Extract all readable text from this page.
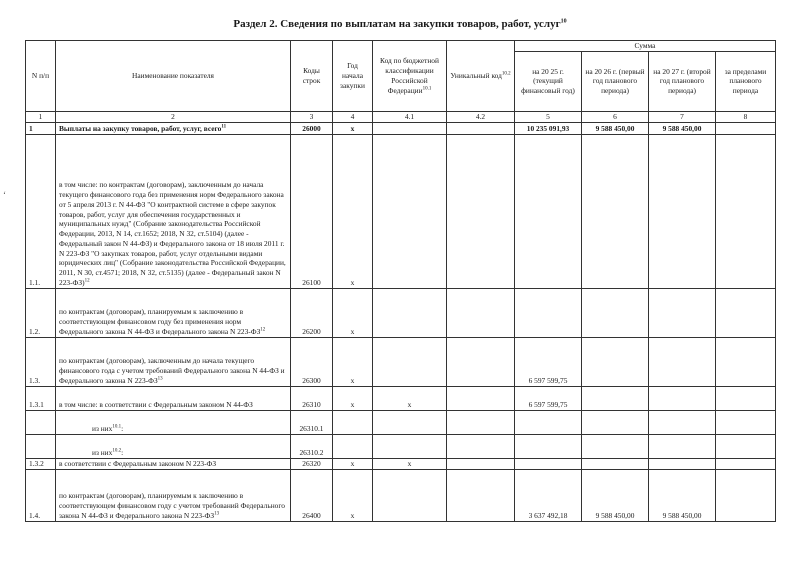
Раздел 2. Сведения по выплатам на закупки товаров, работ, услуг$^{10}$
ʻ
N п/п	Наименование показателя	Коды строк	Год начала закупки	Код по бюджетной классификации Российской Федерации$^{10.1}$	Уникальный код$^{10.2}$	Сумма			
						на 20 25 г. (текущий финансовый год)	на 20 26 г. (первый год планового периода)	на 20 27 г. (второй год планового периода)	за пределами планового периода
1	2	3	4	4.1	4.2	5	6	7	8
1	Выплаты на закупку товаров, работ, услуг, всего$^{11}$	26000	x			10 235 091,93	9 588 450,00	9 588 450,00	
1.1.	в том числе: по контрактам (договорам), заключенным до начала текущего финансового года без применения норм Федерального закона от 5 апреля 2013 г. N 44-ФЗ "О контрактной системе в сфере закупок товаров, работ, услуг для обеспечения государственных и муниципальных нужд" (Собрание законодательства Российской Федерации, 2013, N 14, ст.1652; 2018, N 32, ст.5104) (далее - Федеральный закон N 44-ФЗ) и Федерального закона от 18 июля 2011 г. N 223-ФЗ "О закупках товаров, работ, услуг отдельными видами юридических лиц" (Собрание законодательства Российской Федерации, 2011, N 30, ст.4571; 2018, N 32, ст.5135) (далее - Федеральный закон N 223-ФЗ)$^{12}$	26100	x						
1.2.	по контрактам (договорам), планируемым к заключению в соответствующем финансовом году без применения норм Федерального закона N 44-ФЗ и Федерального закона N 223-ФЗ$^{12}$	26200	x						
1.3.	по контрактам (договорам), заключенным до начала текущего финансового года с учетом требований Федерального закона N 44-ФЗ и Федерального закона N 223-ФЗ$^{13}$	26300	x			6 597 599,75			
1.3.1	в том числе: в соответствии с Федеральным законом N 44-ФЗ	26310	x	x		6 597 599,75			
	из них$^{10.1}$:	26310.1							
	из них$^{10.2}$:	26310.2							
1.3.2	в соответствии с Федеральным законом N 223-ФЗ	26320	x	x					
1.4.	по контрактам (договорам), планируемым к заключению в соответствующем финансовом году с учетом требований Федерального закона N 44-ФЗ и Федерального закона N 223-ФЗ$^{13}$	26400	x			3 637 492,18	9 588 450,00	9 588 450,00	
